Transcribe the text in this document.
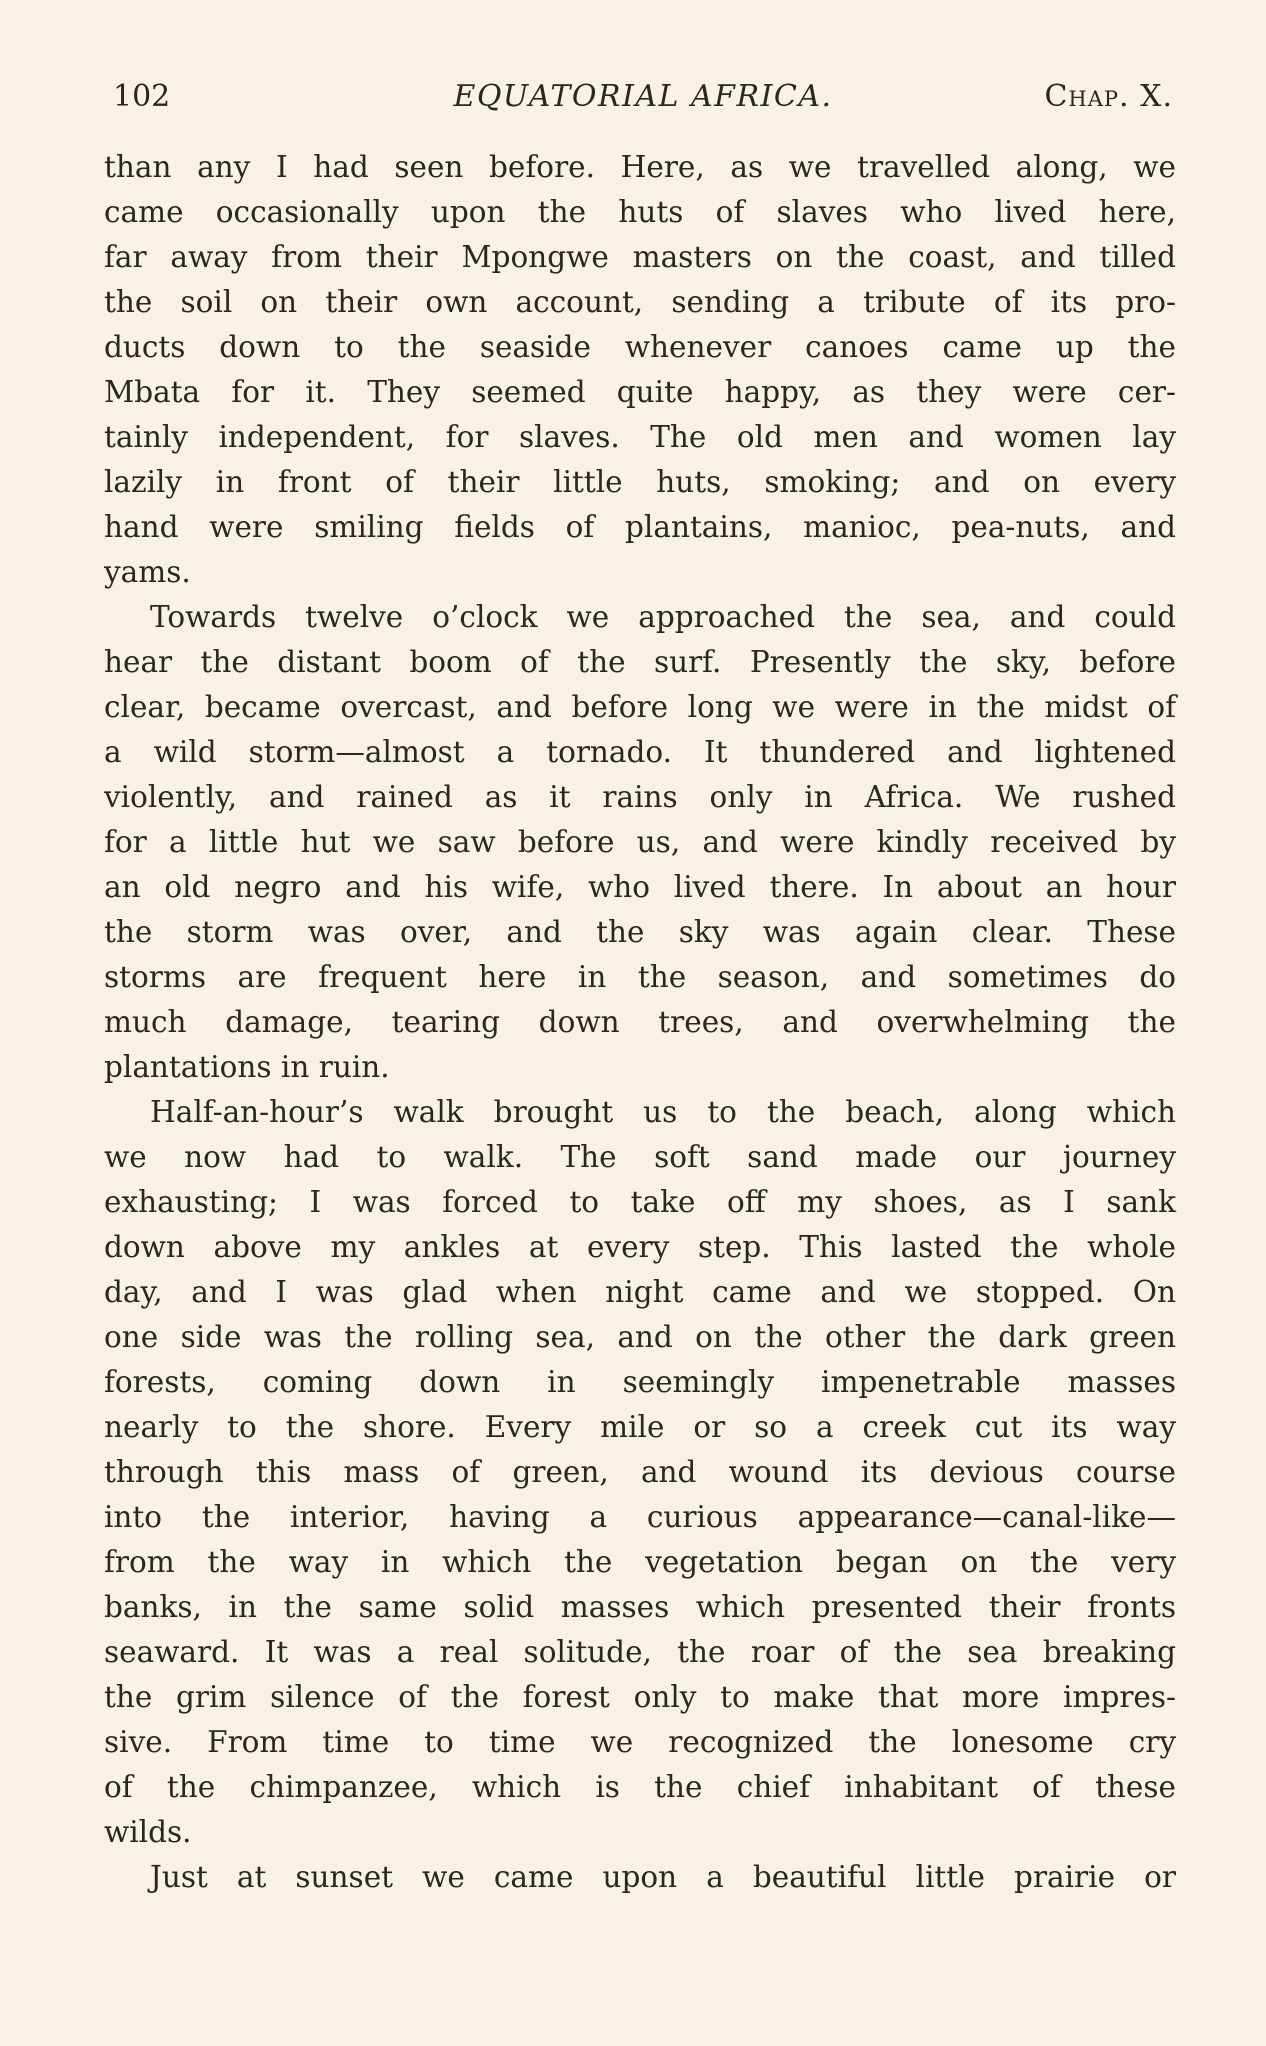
102	EQUATORIAL AFRICA.	Chap. X.
than any I had seen before. Here, as we travelled along, we
came occasionally upon the huts of slaves who lived here,
far away from their Mpongwe masters on the coast, and tilled
the soil on their own account, sending a tribute of its pro-
ducts down to the seaside whenever canoes came up the
Mbata for it. They seemed quite happy, as they were cer-
tainly independent, for slaves. The old men and women lay
lazily in front of their little huts, smoking; and on every
hand were smiling fields of plantains, manioc, pea-nuts, and
yams.
Towards twelve o’clock we approached the sea, and could
hear the distant boom of the surf. Presently the sky, before
clear, became overcast, and before long we were in the midst of
a wild storm—almost a tornado. It thundered and lightened
violently, and rained as it rains only in Africa. We rushed
for a little hut we saw before us, and were kindly received by
an old negro and his wife, who lived there. In about an hour
the storm was over, and the sky was again clear. These
storms are frequent here in the season, and sometimes do
much damage, tearing down trees, and overwhelming the
plantations in ruin.
Half-an-hour’s walk brought us to the beach, along which
we now had to walk. The soft sand made our journey
exhausting; I was forced to take off my shoes, as I sank
down above my ankles at every step. This lasted the whole
day, and I was glad when night came and we stopped. On
one side was the rolling sea, and on the other the dark green
forests, coming down in seemingly impenetrable masses
nearly to the shore. Every mile or so a creek cut its way
through this mass of green, and wound its devious course
into the interior, having a curious appearance—canal-like—
from the way in which the vegetation began on the very
banks, in the same solid masses which presented their fronts
seaward. It was a real solitude, the roar of the sea breaking
the grim silence of the forest only to make that more impres-
sive. From time to time we recognized the lonesome cry
of the chimpanzee, which is the chief inhabitant of these
wilds.
Just at sunset we came upon a beautiful little prairie or
